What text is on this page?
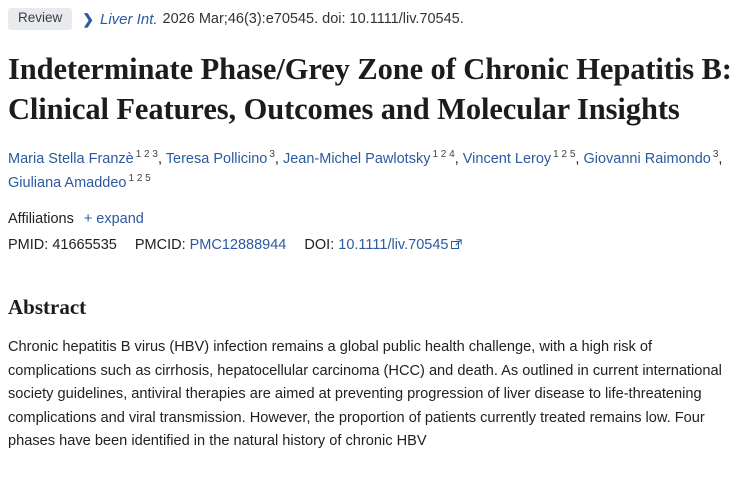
Review	❯ Liver Int. 2026 Mar;46(3):e70545. doi: 10.1111/liv.70545.
Indeterminate Phase/Grey Zone of Chronic Hepatitis B: Clinical Features, Outcomes and Molecular Insights
Maria Stella Franzè $^{1 2 3}$, Teresa Pollicino $^3$, Jean-Michel Pawlotsky $^{1 2 4}$, Vincent Leroy $^{1 2 5}$, Giovanni Raimondo $^3$, Giuliana Amaddeo $^{1 2 5}$
Affiliations + expand
PMID: 41665535 PMCID: PMC12888944 DOI: 10.1111/liv.70545
Abstract

Chronic hepatitis B virus (HBV) infection remains a global public health challenge, with a high risk of complications such as cirrhosis, hepatocellular carcinoma (HCC) and death. As outlined in current international society guidelines, antiviral therapies are aimed at preventing progression of liver disease to life-threatening complications and viral transmission. However, the proportion of patients currently treated remains low. Four phases have been identified in the natural history of chronic HBV
